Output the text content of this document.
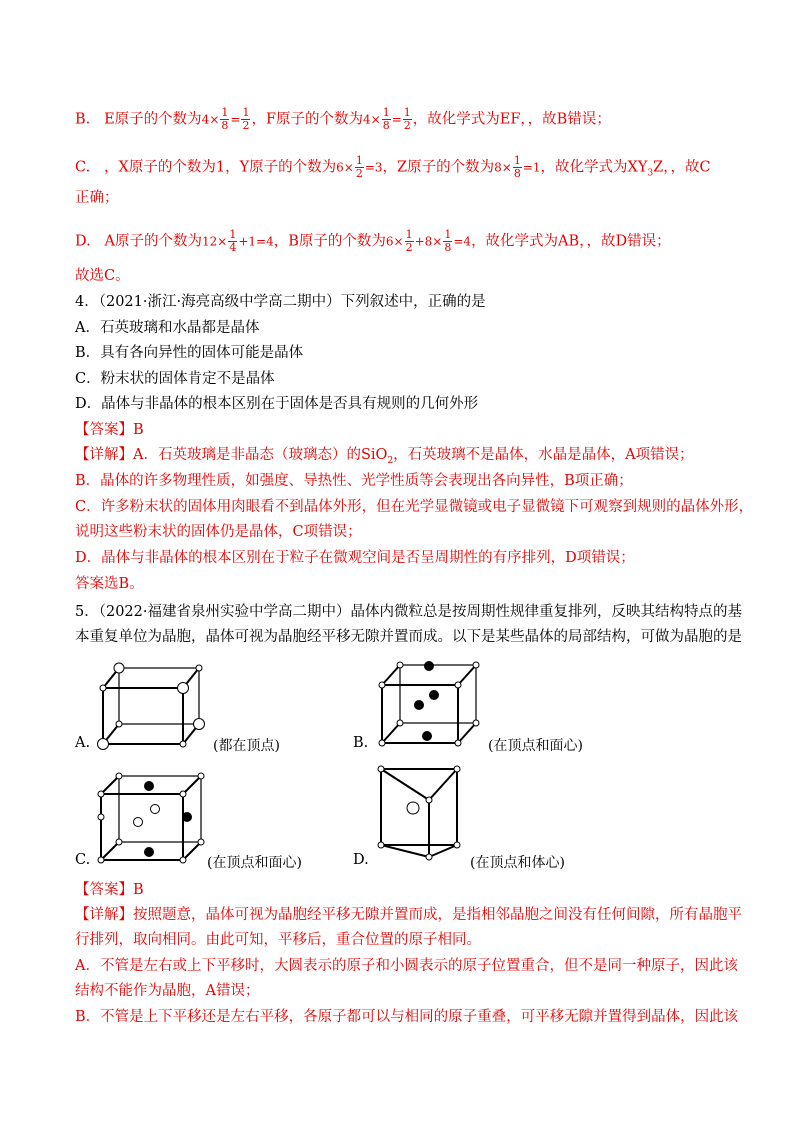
B. E原子的个数为$4\times \frac{1}{8} = \frac{1}{2}$ ，F原子的个数为$4\times \frac{1}{8} = \frac{1}{2}$ ，故化学式为EF，，故B错误；
C. ，X原子的个数为1，Y原子的个数为$6\times \frac{1}{2} =3$，Z原子的个数为$8\times \frac{1}{8} =1$，故化学式为$XY_3Z$，，故C
正确；
D. A原子的个数为$12\times \frac{1}{4} +1=4$，B原子的个数为$6\times \frac{1}{2} +8\times \frac{1}{8} =4$，故化学式为AB，，故D错误；
故选C。
4．（2021·浙江·海亮高级中学高二期中）下列叙述中，正确的是
A．石英玻璃和水晶都是晶体
B．具有各向异性的固体可能是晶体
C．粉末状的固体肯定不是晶体
D．晶体与非晶体的根本区别在于固体是否具有规则的几何外形
【答案】B
【详解】A．石英玻璃是非晶态（玻璃态）的SiO$_2$，石英玻璃不是晶体，水晶是晶体，A项错误；
B．晶体的许多物理性质，如强度、导热性、光学性质等会表现出各向异性，B项正确；
C．许多粉末状的固体用肉眼看不到晶体外形，但在光学显微镜或电子显微镜下可观察到规则的晶体外形，
说明这些粉末状的固体仍是晶体，C项错误；
D．晶体与非晶体的根本区别在于粒子在微观空间是否呈周期性的有序排列，D项错误；
答案选B。
5．（2022·福建省泉州实验中学高二期中）晶体内微粒总是按周期性规律重复排列，反映其结构特点的基
本重复单位为晶胞，晶体可视为晶胞经平移无隙并置而成。以下是某些晶体的局部结构，可做为晶胞的是
A.	(都在顶点)	B.	(在顶点和面心)
C.	(在顶点和面心)	D.	(在顶点和体心)
【答案】B
【详解】按照题意，晶体可视为晶胞经平移无隙并置而成，是指相邻晶胞之间没有任何间隙，所有晶胞平
行排列，取向相同。由此可知，平移后，重合位置的原子相同。
A．不管是左右或上下平移时，大圆表示的原子和小圆表示的原子位置重合，但不是同一种原子，因此该
结构不能作为晶胞，A错误；
B．不管是上下平移还是左右平移，各原子都可以与相同的原子重叠，可平移无隙并置得到晶体，因此该
